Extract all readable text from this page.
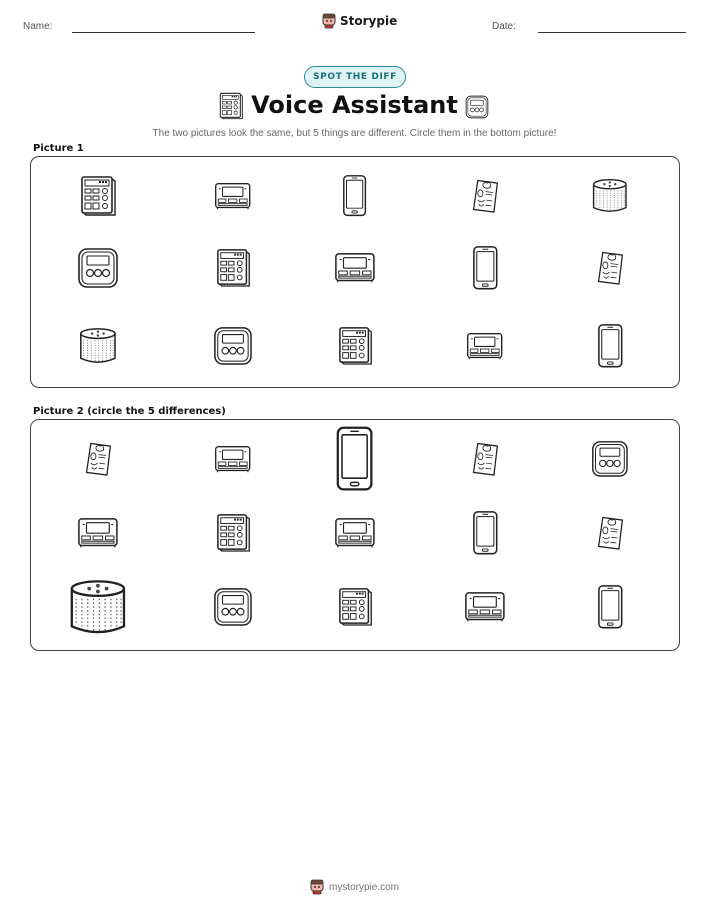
Name:	Date:
Storypie
SPOT THE DIFF
Voice Assistant
The two pictures look the same, but 5 things are different. Circle them in the bottom picture!
Picture 1
Picture 2 (circle the 5 differences)
mystorypie.com
